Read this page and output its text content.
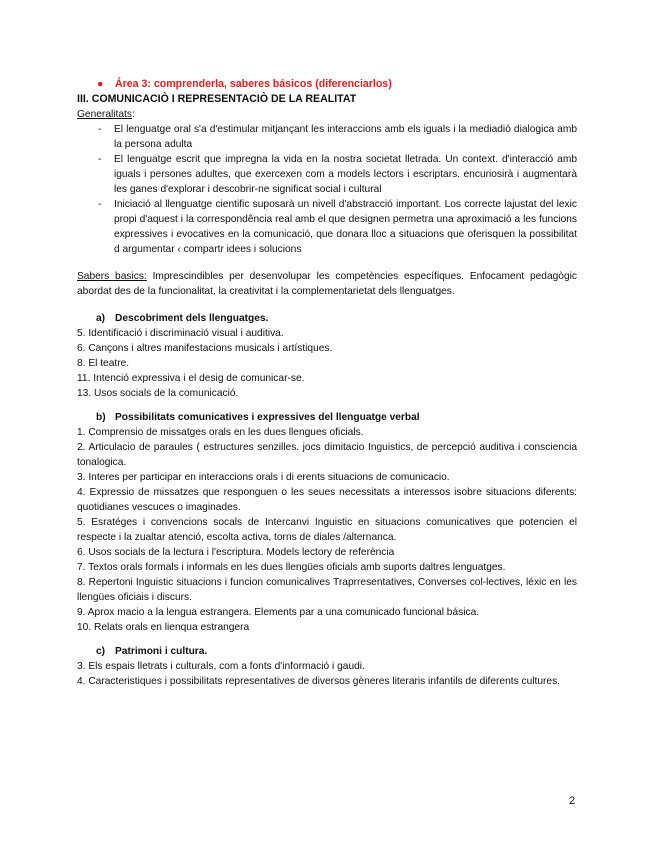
●	Área 3: comprenderla, saberes básicos (diferenciarlos)

III. COMUNICACIÒ I REPRESENTACIÒ DE LA REALITAT

Generalitats:

- El lenguatge oral s'a d'estimular mitjançant les interaccions amb els iguals i la mediadió dialogica amb la persona adulta
- El lenguatge escrit que impregna la vida en la nostra societat lletrada. Un context. d'interacció amb iguals i persones adultes, que exercexen com a models lectors i escriptars. encuriosirà i augmentarà les ganes d'explorar i descobrir-ne significat social i cultural
- Iniciació al llenguatge cientific suposarà un nivell d'abstracció important. Los correcte lajustat del lexic propi d'aquest i la correspondência real amb el que designen permetra una aproximació a les funcions expressives i evocatives en la comunicació, que donara lloc a situacions que oferisquen la possibilitat d argumentar ‹ compartr idees i solucions

Sabers basics: Imprescindibles per desenvolupar les competències específiques. Enfocament pedagògic abordat des de la funcionalitat, la creativitat i la complementarietat dels llenguatges.

a) Descobriment dels llenguatges.

5. Identificació i discriminació visual i auditiva.

6. Cançons i altres manifestacions musicals i artístiques.

8. El teatre.

11. Intenció expressiva i el desig de comunicar-se.

13. Usos socials de la comunicació.

b) Possibilitats comunicatives i expressives del llenguatge verbal

1. Comprensio de missatges orals en les dues llengues oficials.

2. Articulacio de paraules ( estructures senzilles. jocs dimitacio Inguistics, de percepció auditiva i consciencia tonalogica.

3. Interes per participar en interaccions orals i di erents situacions de comunicacio.

4. Expressio de missatzes que responguen o les seues necessitats a interessos isobre situacions diferents: quotidianes vescuces o imaginades.

5. Esratéges i convencions socals de Intercanvi Inguistic en situacions comunicatives que potencien el respecte i la zualtar atenció, escolta activa, torns de diales /alternanca.

6. Usos socials de la lectura i l'escriptura. Models lectory de referència

7. Textos orals formals i informals en les dues llengües oficials amb suports daltres lenguatges.

8. Repertoni Inguistic situacions i funcion comunicalives Traprresentatives, Converses col-lectives, léxic en les llengües oficiais i discurs.

9. Aprox macio a la lengua estrangera. Elements par a una comunicado funcional básica.

10. Relats orals en lienqua estrangera

c) Patrimoni i cultura.

3. Els espais lletrats i culturals, com a fonts d'informació i gaudi.

4. Caracteristiques i possibilitats representatives de diversos gèneres literaris infantils de diferents cultures.

2
